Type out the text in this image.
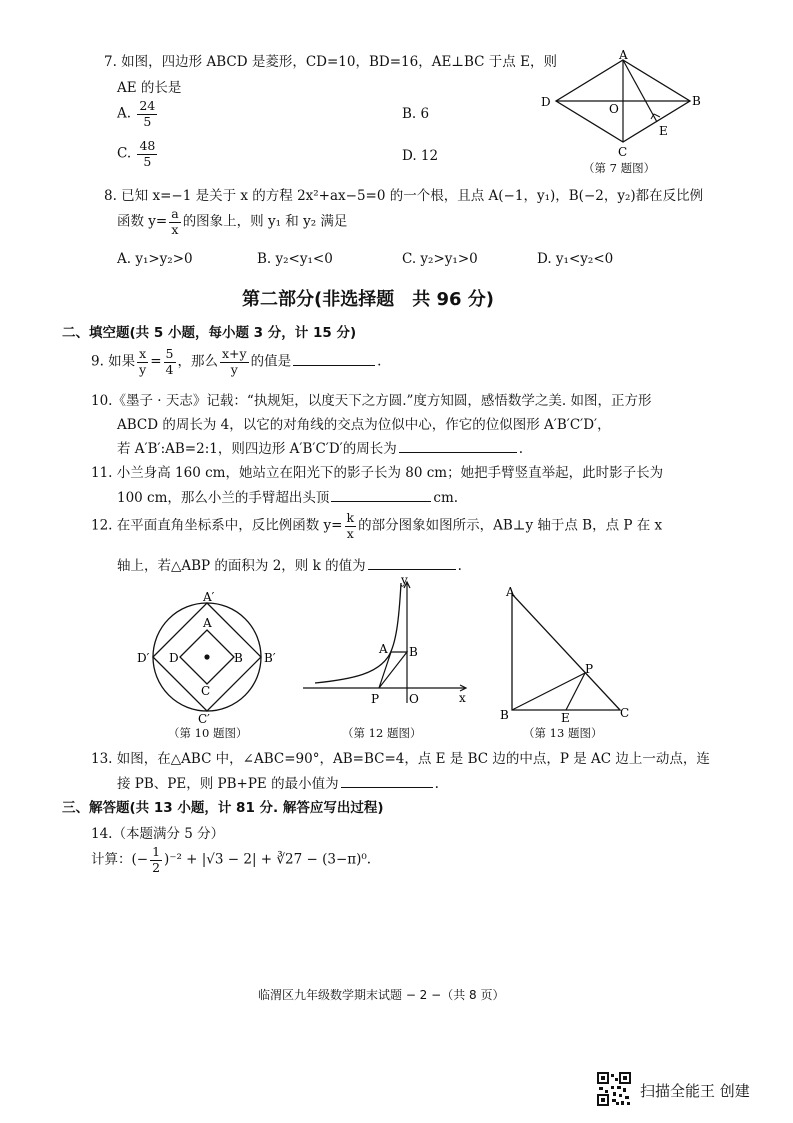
7. 如图，四边形 ABCD 是菱形，CD=10，BD=16，AE⊥BC 于点 E，则
AE 的长是
A. $\frac{24}{5}$	B. 6
C. $\frac{48}{5}$	D. 12
A
B
C
D	O
E
（第 7 题图）
8. 已知 x=−1 是关于 x 的方程 2x²+ax−5=0 的一个根，且点 A(−1，y₁)，B(−2，y₂)都在反比例
函数 $y= \frac{a}{x}$ 的图象上，则 y₁ 和 y₂ 满足
A. y₁>y₂>0	B. y₂<y₁<0	C. y₂>y₁>0	D. y₁<y₂<0
第二部分(非选择题　共 96 分)
二、填空题(共 5 小题，每小题 3 分，计 15 分)
9. 如果 $\frac{x}{y} = \frac{5}{4}$ ，那么 $\frac{x+y}{y}$ 的值是	.
10.《墨子 · 天志》记载：“执规矩，以度天下之方圆.”度方知圆，感悟数学之美. 如图，正方形
ABCD 的周长为 4，以它的对角线的交点为位似中心，作它的位似图形 A′B′C′D′，
若 A′B′:AB=2:1，则四边形 A′B′C′D′的周长为	.
11. 小兰身高 160 cm，她站立在阳光下的影子长为 80 cm；她把手臂竖直举起，此时影子长为
100 cm，那么小兰的手臂超出头顶	cm.
12. 在平面直角坐标系中，反比例函数 $y= \frac{k}{x}$ 的部分图象如图所示，AB⊥y 轴于点 B，点 P 在 x
轴上，若△ABP 的面积为 2，则 k 的值为	.
A′
B′
C′
D′
A
B
C
D
（第 10 题图）
y
x
A B
P O
（第 12 题图）
A
B	C
P
E
（第 13 题图）
13. 如图，在△ABC 中，∠ABC=90°，AB=BC=4，点 E 是 BC 边的中点，P 是 AC 边上一动点，连
接 PB、PE，则 PB+PE 的最小值为	.
三、解答题(共 13 小题，计 81 分. 解答应写出过程)
14.（本题满分 5 分）
计算：(− $\frac{1}{2} )^{-2} + |√3 - 2|$ + ∛27 − (3−π)⁰.
临渭区九年级数学期末试题 − 2 −（共 8 页）
扫描全能王 创建
